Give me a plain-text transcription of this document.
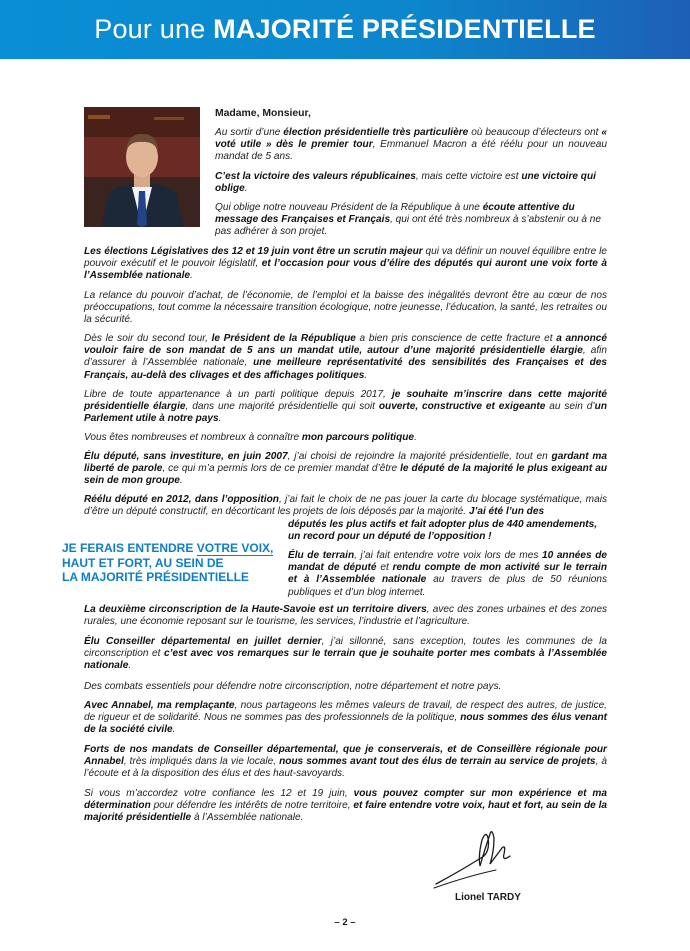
Pour une MAJORITÉ PRÉSIDENTIELLE
Madame, Monsieur,

Au sortir d’une élection présidentielle très particulière où beaucoup d’électeurs ont « voté utile » dès le premier tour, Emmanuel Macron a été réélu pour un nouveau mandat de 5 ans.

C’est la victoire des valeurs républicaines, mais cette victoire est une victoire qui oblige.

Qui oblige notre nouveau Président de la République à une écoute attentive du message des Françaises et Français, qui ont été très nombreux à s’abstenir ou à ne pas adhérer à son projet.

Les élections Législatives des 12 et 19 juin vont être un scrutin majeur qui va définir un nouvel équilibre entre le pouvoir exécutif et le pouvoir législatif, et l’occasion pour vous d’élire des députés qui auront une voix forte à l’Assemblée nationale.

La relance du pouvoir d’achat, de l’économie, de l’emploi et la baisse des inégalités devront être au cœur de nos préoccupations, tout comme la nécessaire transition écologique, notre jeunesse, l’éducation, la santé, les retraites ou la sécurité.

Dès le soir du second tour, le Président de la République a bien pris conscience de cette fracture et a annoncé vouloir faire de son mandat de 5 ans un mandat utile, autour d’une majorité présidentielle élargie, afin d’assurer à l’Assemblée nationale, une meilleure représentativité des sensibilités des Françaises et des Français, au-delà des clivages et des affichages politiques.

Libre de toute appartenance à un parti politique depuis 2017, je souhaite m’inscrire dans cette majorité présidentielle élargie, dans une majorité présidentielle qui soit ouverte, constructive et exigeante au sein d’un Parlement utile à notre pays.

Vous êtes nombreuses et nombreux à connaître mon parcours politique.

Élu député, sans investiture, en juin 2007, j’ai choisi de rejoindre la majorité présidentielle, tout en gardant ma liberté de parole, ce qui m’a permis lors de ce premier mandat d’être le député de la majorité le plus exigeant au sein de mon groupe.

Réélu député en 2012, dans l’opposition, j’ai fait le choix de ne pas jouer la carte du blocage systématique, mais d’être un député constructif, en décorticant les projets de lois déposés par la majorité. J’ai été l’un des

députés les plus actifs et fait adopter plus de 440 amendements, un record pour un député de l’opposition !

JE FERAIS ENTENDRE VOTRE VOIX,
HAUT ET FORT, AU SEIN DE
LA MAJORITÉ PRÉSIDENTIELLE

Élu de terrain, j’ai fait entendre votre voix lors de mes 10 années de mandat de député et rendu compte de mon activité sur le terrain et à l’Assemblée nationale au travers de plus de 50 réunions publiques et d’un blog internet.

La deuxième circonscription de la Haute-Savoie est un territoire divers, avec des zones urbaines et des zones rurales, une économie reposant sur le tourisme, les services, l’industrie et l’agriculture.

Élu Conseiller départemental en juillet dernier, j’ai sillonné, sans exception, toutes les communes de la circonscription et c’est avec vos remarques sur le terrain que je souhaite porter mes combats à l’Assemblée nationale.

Des combats essentiels pour défendre notre circonscription, notre département et notre pays.

Avec Annabel, ma remplaçante, nous partageons les mêmes valeurs de travail, de respect des autres, de justice, de rigueur et de solidarité. Nous ne sommes pas des professionnels de la politique, nous sommes des élus venant de la société civile.

Forts de nos mandats de Conseiller départemental, que je conserverais, et de Conseillère régionale pour Annabel, très impliqués dans la vie locale, nous sommes avant tout des élus de terrain au service de projets, à l’écoute et à la disposition des élus et des haut-savoyards.

Si vous m’accordez votre confiance les 12 et 19 juin, vous pouvez compter sur mon expérience et ma détermination pour défendre les intérêts de notre territoire, et faire entendre votre voix, haut et fort, au sein de la majorité présidentielle à l’Assemblée nationale.

Lionel TARDY
– 2 –
